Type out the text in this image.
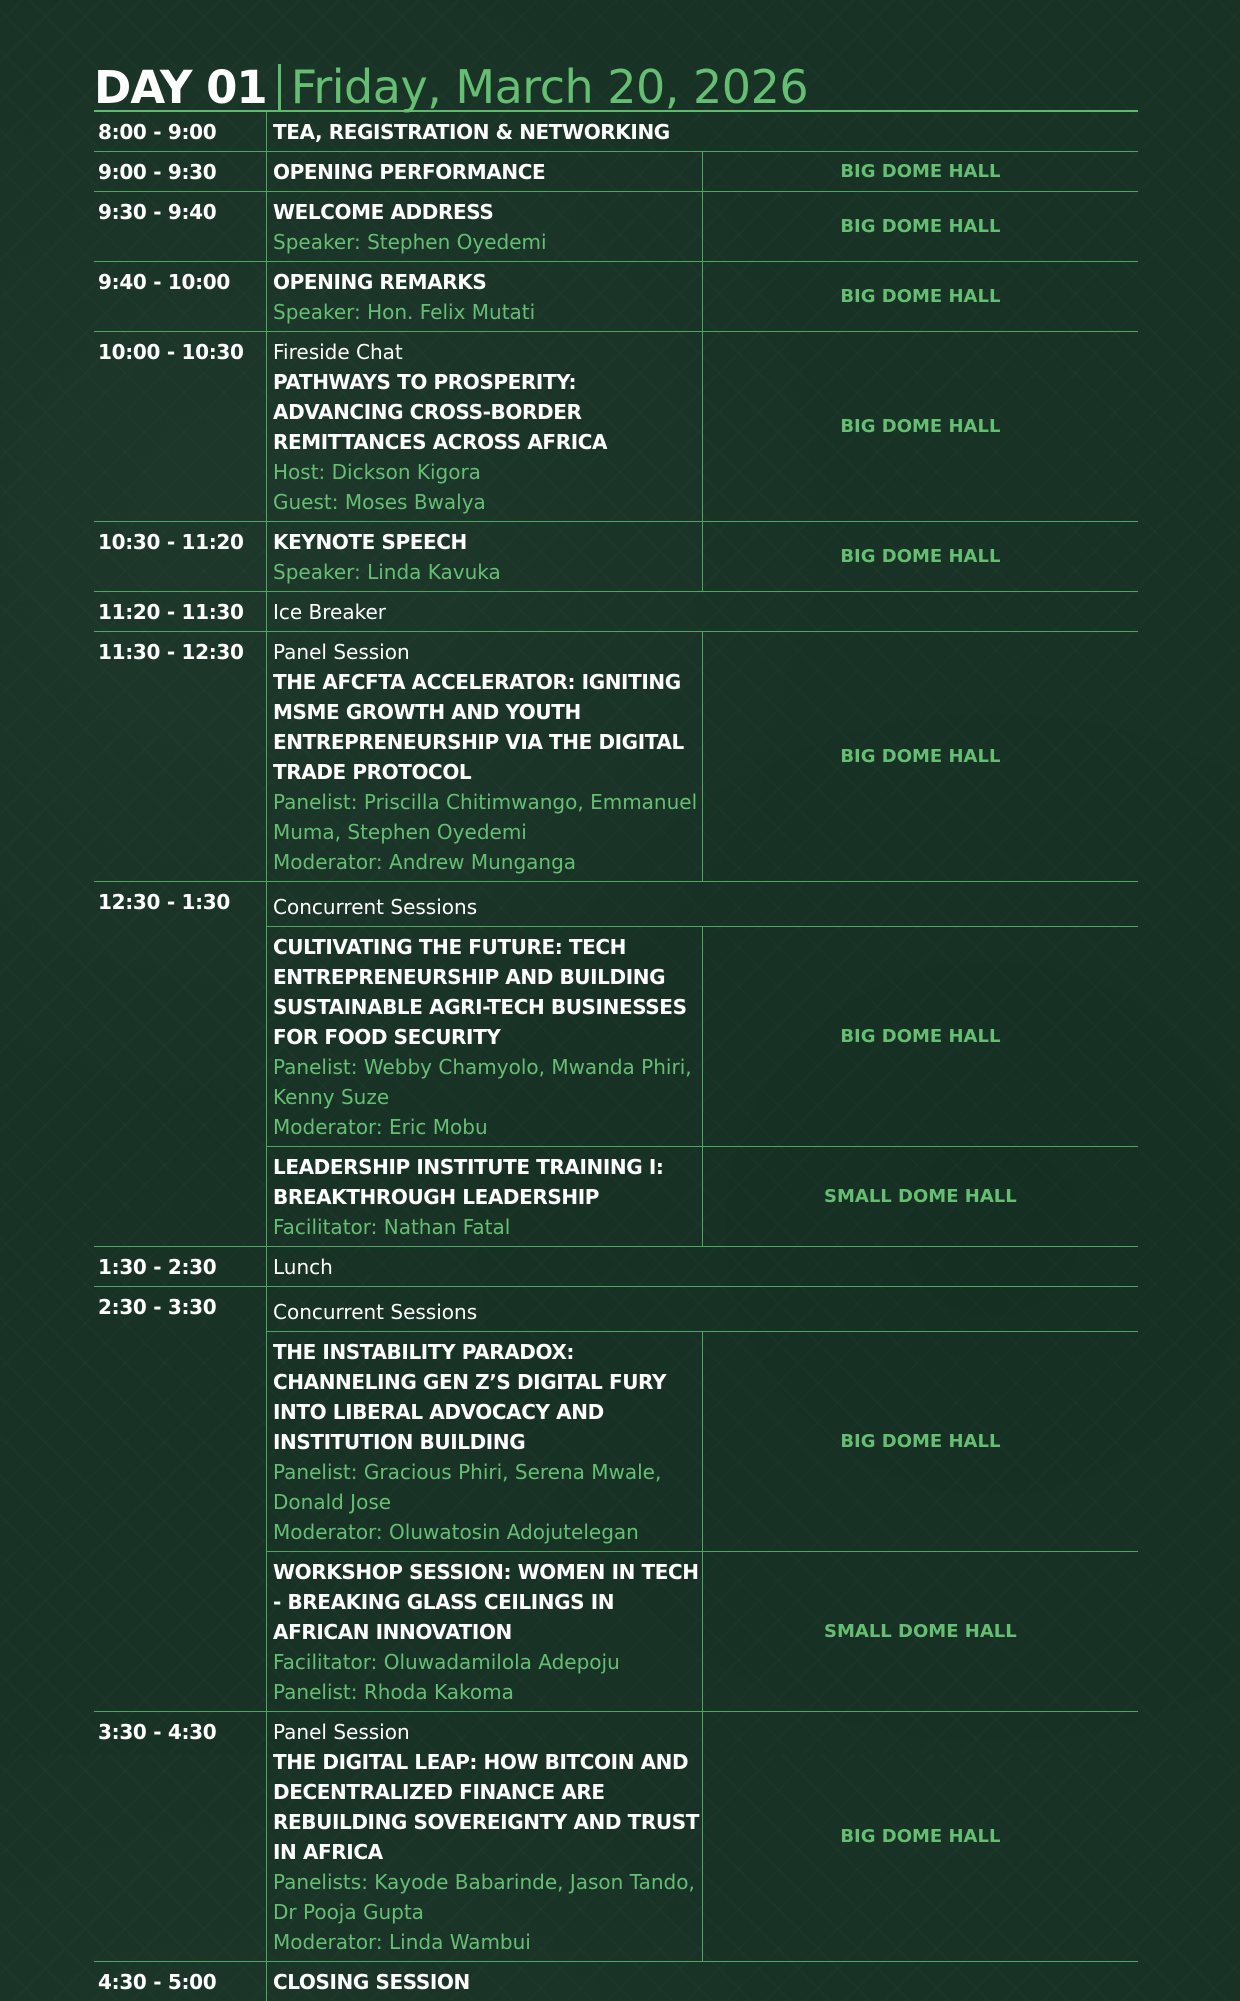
DAY 01 Friday, March 20, 2026
8:00 - 9:00	TEA, REGISTRATION & NETWORKING	

9:00 - 9:30	OPENING PERFORMANCE	BIG DOME HALL
9:30 - 9:40	WELCOME ADDRESS
Speaker: Stephen Oyedemi	BIG DOME HALL
9:40 - 10:00	OPENING REMARKS
Speaker: Hon. Felix Mutati	BIG DOME HALL
10:00 - 10:30	Fireside Chat
PATHWAYS TO PROSPERITY: ADVANCING CROSS-BORDER REMITTANCES ACROSS AFRICA
Host: Dickson Kigora
Guest: Moses Bwalya	BIG DOME HALL
10:30 - 11:20	KEYNOTE SPEECH
Speaker: Linda Kavuka	BIG DOME HALL
11:20 - 11:30	Ice Breaker	

11:30 - 12:30	Panel Session
THE AFCFTA ACCELERATOR: IGNITING MSME GROWTH AND YOUTH ENTREPRENEURSHIP VIA THE DIGITAL TRADE PROTOCOL
Panelist: Priscilla Chitimwango, Emmanuel Muma, Stephen Oyedemi
Moderator: Andrew Munganga	BIG DOME HALL
12:30 - 1:30	Concurrent Sessions	

	CULTIVATING THE FUTURE: TECH ENTREPRENEURSHIP AND BUILDING SUSTAINABLE AGRI-TECH BUSINESSES FOR FOOD SECURITY
Panelist: Webby Chamyolo, Mwanda Phiri, Kenny Suze
Moderator: Eric Mobu	BIG DOME HALL

	LEADERSHIP INSTITUTE TRAINING I: BREAKTHROUGH LEADERSHIP
Facilitator: Nathan Fatal	SMALL DOME HALL
1:30 - 2:30	Lunch	

2:30 - 3:30	Concurrent Sessions	

	THE INSTABILITY PARADOX: CHANNELING GEN Z’S DIGITAL FURY INTO LIBERAL ADVOCACY AND INSTITUTION BUILDING
Panelist: Gracious Phiri, Serena Mwale, Donald Jose
Moderator: Oluwatosin Adojutelegan	BIG DOME HALL

	WORKSHOP SESSION: WOMEN IN TECH - BREAKING GLASS CEILINGS IN AFRICAN INNOVATION
Facilitator: Oluwadamilola Adepoju
Panelist: Rhoda Kakoma	SMALL DOME HALL
3:30 - 4:30	Panel Session
THE DIGITAL LEAP: HOW BITCOIN AND DECENTRALIZED FINANCE ARE REBUILDING SOVEREIGNTY AND TRUST IN AFRICA
Panelists: Kayode Babarinde, Jason Tando, Dr Pooja Gupta
Moderator: Linda Wambui	BIG DOME HALL
4:30 - 5:00	CLOSING SESSION	
